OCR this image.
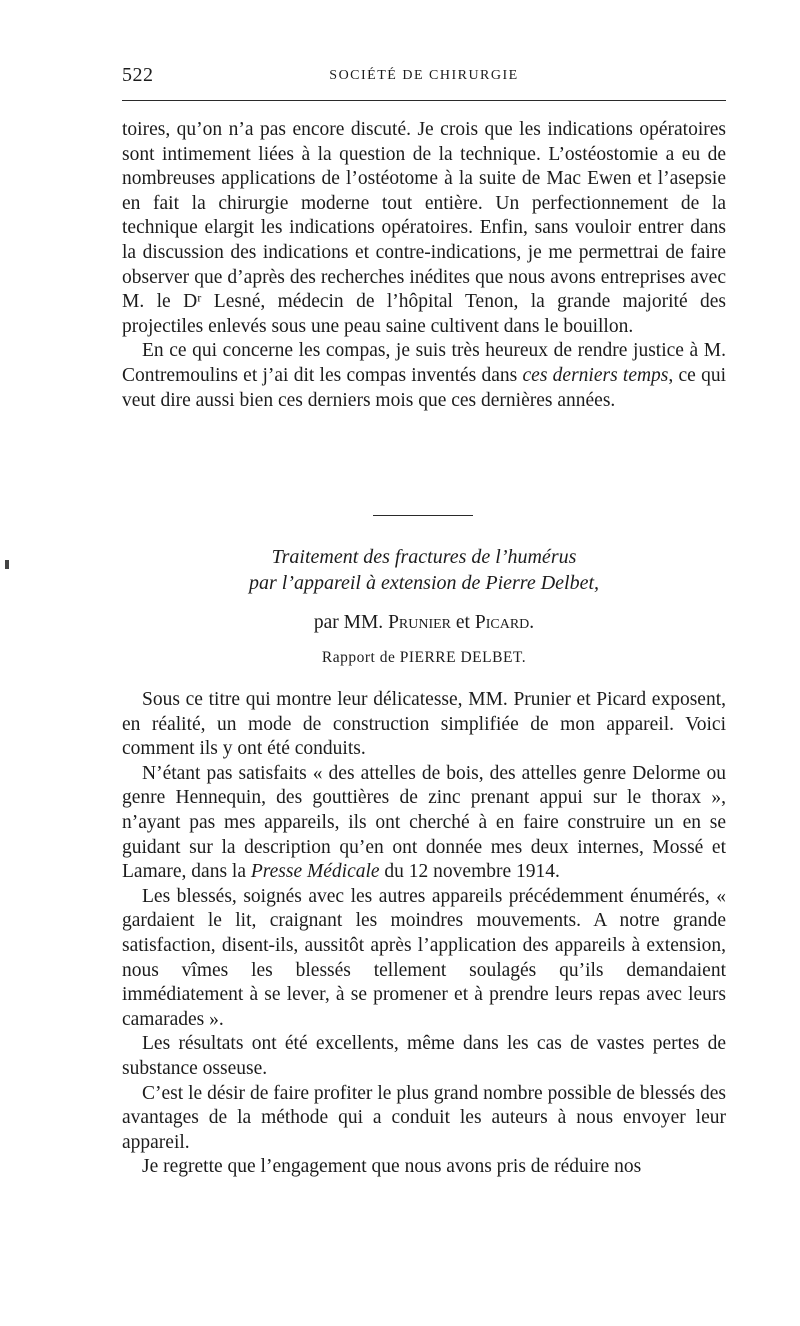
522	SOCIÉTÉ DE CHIRURGIE

toires, qu’on n’a pas encore discuté. Je crois que les indications opératoires sont intimement liées à la question de la technique. L’ostéostomie a eu de nombreuses applications de l’ostéotome à la suite de Mac Ewen et l’asepsie en fait la chirurgie moderne tout entière. Un perfectionnement de la technique elargit les indications opératoires. Enfin, sans vouloir entrer dans la discussion des indications et contre-indications, je me permettrai de faire observer que d’après des recherches inédites que nous avons entreprises avec M. le Dʳ Lesné, médecin de l’hôpital Tenon, la grande majorité des projectiles enlevés sous une peau saine cultivent dans le bouillon.

En ce qui concerne les compas, je suis très heureux de rendre justice à M. Contremoulins et j’ai dit les compas inventés dans ces derniers temps, ce qui veut dire aussi bien ces derniers mois que ces dernières années.

Traitement des fractures de l’humérus
par l’appareil à extension de Pierre Delbet,
par MM. Prunier et Picard.
Rapport de PIERRE DELBET.

Sous ce titre qui montre leur délicatesse, MM. Prunier et Picard exposent, en réalité, un mode de construction simplifiée de mon appareil. Voici comment ils y ont été conduits.

N’étant pas satisfaits « des attelles de bois, des attelles genre Delorme ou genre Hennequin, des gouttières de zinc prenant appui sur le thorax », n’ayant pas mes appareils, ils ont cherché à en faire construire un en se guidant sur la description qu’en ont donnée mes deux internes, Mossé et Lamare, dans la Presse Médicale du 12 novembre 1914.

Les blessés, soignés avec les autres appareils précédemment énumérés, « gardaient le lit, craignant les moindres mouvements. A notre grande satisfaction, disent-ils, aussitôt après l’application des appareils à extension, nous vîmes les blessés tellement soulagés qu’ils demandaient immédiatement à se lever, à se promener et à prendre leurs repas avec leurs camarades ».

Les résultats ont été excellents, même dans les cas de vastes pertes de substance osseuse.

C’est le désir de faire profiter le plus grand nombre possible de blessés des avantages de la méthode qui a conduit les auteurs à nous envoyer leur appareil.

Je regrette que l’engagement que nous avons pris de réduire nos
